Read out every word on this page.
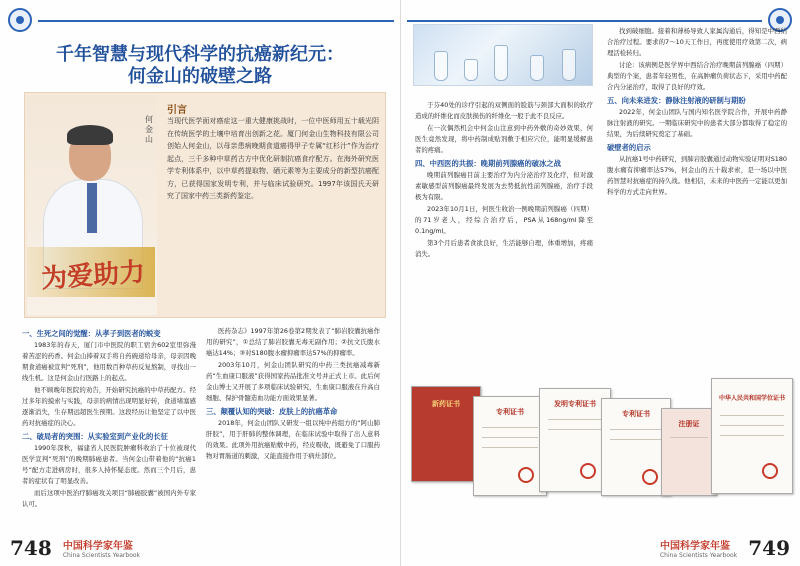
千年智慧与现代科学的抗癌新纪元：
何金山的破壁之路
何金山
为爱助力
引言
当现代医学面对癌症这一重大健康挑战时，一位中医师用五十载光阴在传统医学的土壤中培育出创新之花。厦门何金山生物科技有限公司创始人何金山，以母亲患病晚期食道癌得甲子专属“红杉汁”作为治疗起点，三千多种中草药古方中优化研制抗癌食疗配方。在海外研究医学专利体系中，以中草药提取物、硒元素等为主要成分的新型抗癌配方，已获得国家发明专利，并与临床试验研究。1997年该国氏天研究了国家中药三类新药鉴定。
一、生死之间的觉醒：从孝子到医者的蜕变
1983年的春天，厦门市中医院的职工宿舍602室里弥漫着苦涩的药香。何金山捧着双手将自药碗递给母亲，母亲因晚期食道癌被宣判“死刑”，他用数百种草药反复熬制，寻找出一线生机。这是何金山行医路上的起点。
他不顾晚年医院的劝告，开始研究抗癌的中草药配方。经过多年的摸索与实践，母亲的病情出现明显好转，食道堵塞感逐渐消失，生存期远超医生预期。这段经历让他坚定了以中医药对抗癌症的决心。
二、破局者的突围：从实验室到产业化的长征
1990年深秋，福建省人民医院肿瘤科收治了十位被现代医学宣判“死刑”的晚期肺癌患者。当何金山带着他的“抗癌1号”配方走进病房时，很多人持怀疑态度。然而三个月后，患者的症状有了明显改善。
而后这项中医治疗肺癌攻关项目“肺癌胶囊”被国内外专家认可。
医药杂志》1997年第26卷第2期发表了“肺岩胶囊抗癌作用的研究”，①总结了肺岩胶囊无毒无副作用；②抗文氏腹水癌达14%；③对S180腹水瘤抑瘤率达57%的抑瘤率。
2003年10月，何金山团队研究的中药三类抗癌减毒新药“生血康口服液”获得国家药品批准文号并正式上市。此后何金山博士又开展了多项临床试验研究，生血康口服液在升高白细胞、保护骨髓造血功能方面效果显著。
三、颠覆认知的突破：皮肤上的抗癌革命
2018年，何金山团队又研发一组以纯中药组方的“阿山肺肝胶”，用于肝肺的整体调理，在临床试验中取得了出人意料的效果。此项外用抗癌贴敷中药，经皮吸收，既避免了口服药物对胃肠道的刺激，又能直接作用于病灶部位。
748 中国科学家年鉴
China Scientists Yearbook
于芬40处的诊疗引起的双侧面的脸筋与颈部大面积的软疗造成的纤维化而皮肤损伤的纤维化一般于此不良反应。
在一次偶然机会中何金山注意到中药外敷的奇妙效果，何医生竟然发现，将中药制成贴剂敷于相应穴位，能明显缓解患者的疼痛。
四、中西医的共振：晚期前列腺癌的破冰之战
晚期前列腺癌目前主要治疗为内分泌治疗及化疗，但对激素敏感型前列腺癌最终发展为去势抵抗性前列腺癌，治疗手段极为有限。
2023年10月1日，何医生收治一例晚期前列腺癌（四期）的71岁老人，经综合治疗后，PSA从168ng/ml降至0.1ng/ml。
第3个月后患者食欲良好，生活能够自理，体重增加，疼痛消失。
找到破细胞。接着和薄杨导致人家属沟通后，得知是中西结合治疗过程。要求的7～10天工作日，再度使用疗效第二次，病理活检转归。
讨论：该病例是医学界中西结合治疗晚期前列腺癌（四期）典型的个案，患者年轻男性，在高肿瘤负荷状态下，采用中药配合内分泌治疗，取得了良好的疗效。
五、向未来进发：静脉注射液的研制与期盼
2022年，何金山团队与国内知名医学院合作，开展中药静脉注射液的研究。一期临床研究中的患者大部分都取得了稳定的结果，为后续研究奠定了基础。
破壁者的启示
从抗癌1号中药研究，到肺岩胶囊通过动物实验证明对S180腹水瘤有抑瘤率达57%，何金山的五十载求索，是一场以中医药智慧对抗癌症的持久战。他相信，未来的中医药一定能以更加科学的方式走向世界。
新药证书
专利证书
发明专利证书
专利证书
注册证
中华人民共和国学位证书
中国科学家年鉴
China Scientists Yearbook 749
